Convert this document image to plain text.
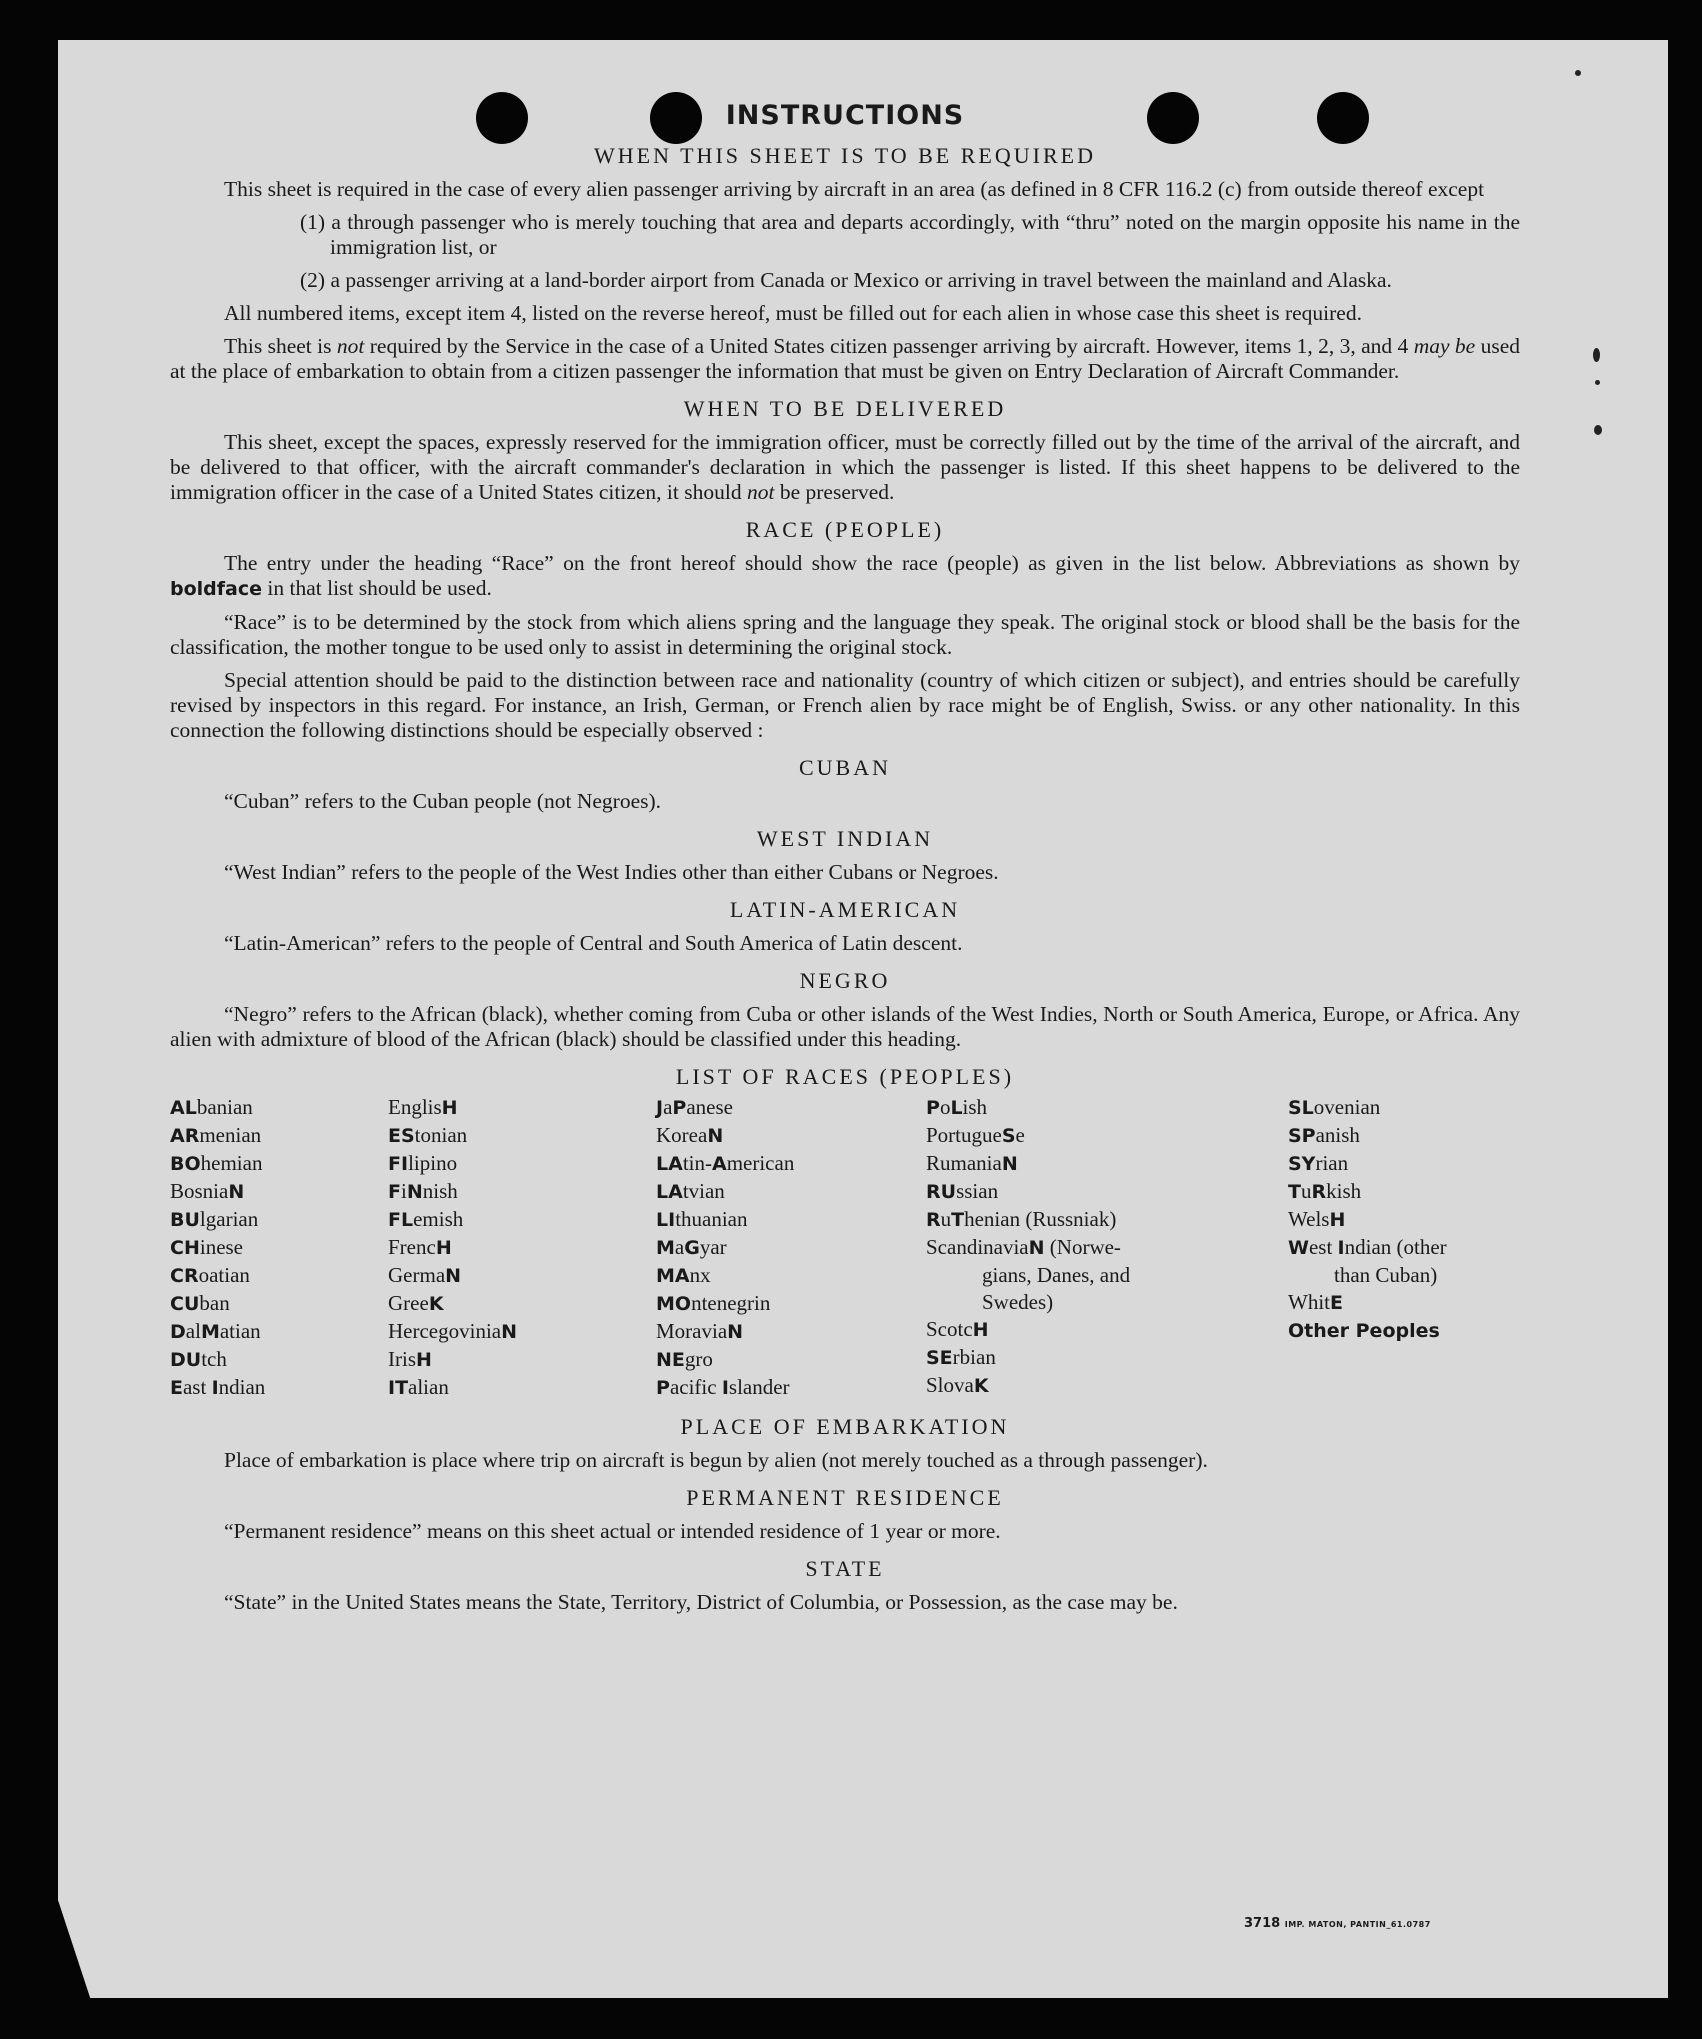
INSTRUCTIONS
WHEN THIS SHEET IS TO BE REQUIRED

This sheet is required in the case of every alien passenger arriving by aircraft in an area (as defined in 8 CFR 116.2 (c) from outside thereof except

(1) a through passenger who is merely touching that area and departs accordingly, with “thru” noted on the margin opposite his name in the immigration list, or
(2) a passenger arriving at a land-border airport from Canada or Mexico or arriving in travel between the mainland and Alaska.

All numbered items, except item 4, listed on the reverse hereof, must be filled out for each alien in whose case this sheet is required.

This sheet is not required by the Service in the case of a United States citizen passenger arriving by aircraft. However, items 1, 2, 3, and 4 may be used at the place of embarkation to obtain from a citizen passenger the information that must be given on Entry Declaration of Aircraft Commander.

WHEN TO BE DELIVERED

This sheet, except the spaces, expressly reserved for the immigration officer, must be correctly filled out by the time of the arrival of the aircraft, and be delivered to that officer, with the aircraft commander's declaration in which the passenger is listed. If this sheet happens to be delivered to the immigration officer in the case of a United States citizen, it should not be preserved.

RACE (PEOPLE)

The entry under the heading “Race” on the front hereof should show the race (people) as given in the list below. Abbreviations as shown by boldface in that list should be used.

“Race” is to be determined by the stock from which aliens spring and the language they speak. The original stock or blood shall be the basis for the classification, the mother tongue to be used only to assist in determining the original stock.

Special attention should be paid to the distinction between race and nationality (country of which citizen or subject), and entries should be carefully revised by inspectors in this regard. For instance, an Irish, German, or French alien by race might be of English, Swiss. or any other nationality. In this connection the following distinctions should be especially observed :

CUBAN

“Cuban” refers to the Cuban people (not Negroes).

WEST INDIAN

“West Indian” refers to the people of the West Indies other than either Cubans or Negroes.

LATIN-AMERICAN

“Latin-American” refers to the people of Central and South America of Latin descent.

NEGRO

“Negro” refers to the African (black), whether coming from Cuba or other islands of the West Indies, North or South America, Europe, or Africa. Any alien with admixture of blood of the African (black) should be classified under this heading.

LIST OF RACES (PEOPLES)
ALbanian
ARmenian
BOhemian
BosniaN
BUlgarian
CHinese
CRoatian
CUban
DalMatian
DUtch
East Indian
EnglisH
EStonian
FIlipino
FiNnish
FLemish
FrencH
GermaN
GreeK
HercegoviniaN
IrisH
ITalian
JaPanese
KoreaN
LAtin-American
LAtvian
LIthuanian
MaGyar
MAnx
MOntenegrin
MoraviaN
NEgro
Pacific Islander
PoLish
PortugueSe
RumaniaN
RUssian
RuThenian (Russniak)
ScandinaviaN (Norwe-
gians, Danes, and
Swedes)
ScotcH
SErbian
SlovaK
SLovenian
SPanish
SYrian
TuRkish
WelsH
West Indian (other
than Cuban)
WhitE
Other Peoples
PLACE OF EMBARKATION

Place of embarkation is place where trip on aircraft is begun by alien (not merely touched as a through passenger).

PERMANENT RESIDENCE

“Permanent residence” means on this sheet actual or intended residence of 1 year or more.

STATE

“State” in the United States means the State, Territory, District of Columbia, or Possession, as the case may be.

3718 IMP. MATON, PANTIN_61.0787
